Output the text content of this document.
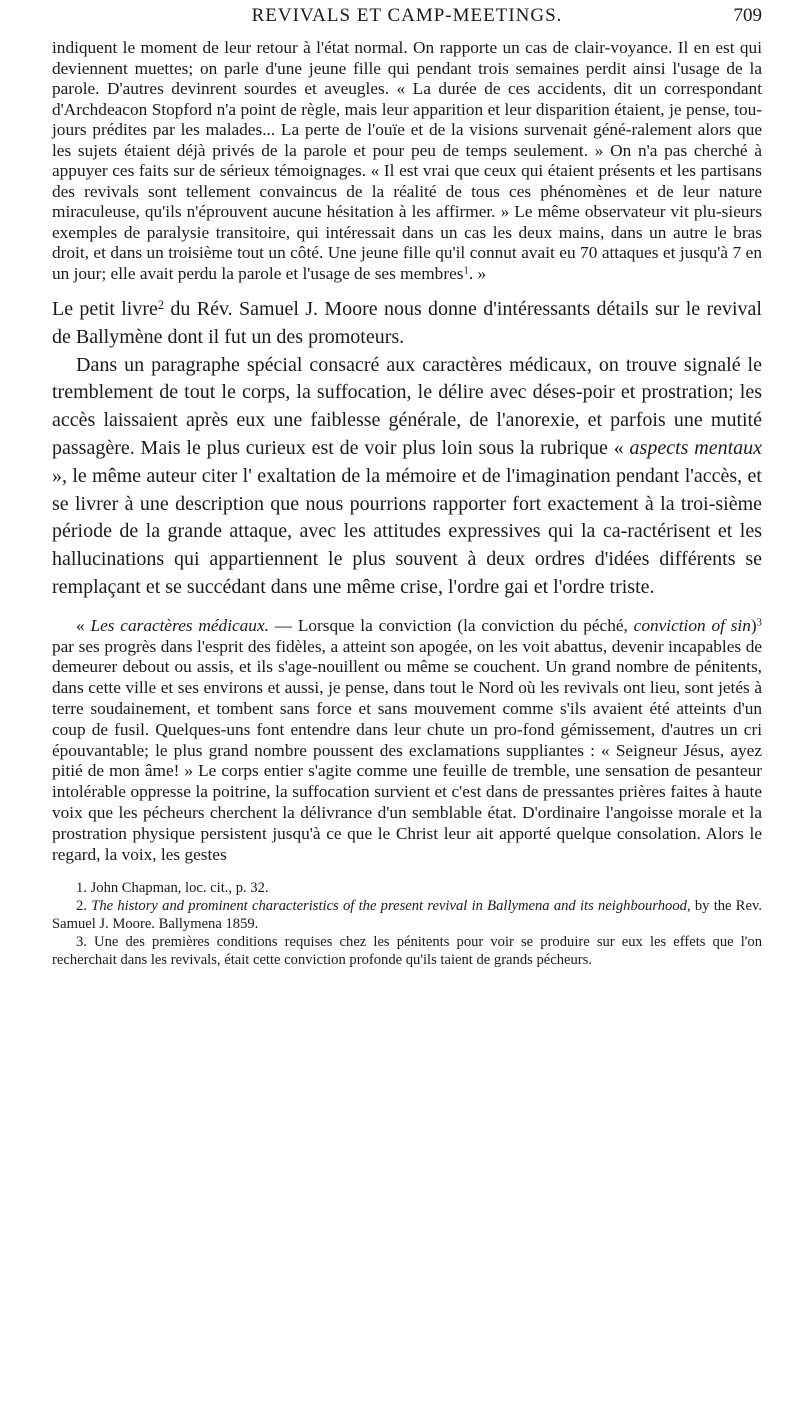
REVIVALS ET CAMP-MEETINGS.	709

indiquent le moment de leur retour à l'état normal. On rapporte un cas de clair-voyance. Il en est qui deviennent muettes; on parle d'une jeune fille qui pendant trois semaines perdit ainsi l'usage de la parole. D'autres devinrent sourdes et aveugles. « La durée de ces accidents, dit un correspondant d'Archdeacon Stopford n'a point de règle, mais leur apparition et leur disparition étaient, je pense, tou-jours prédites par les malades... La perte de l'ouïe et de la visions survenait géné-ralement alors que les sujets étaient déjà privés de la parole et pour peu de temps seulement. » On n'a pas cherché à appuyer ces faits sur de sérieux témoignages. « Il est vrai que ceux qui étaient présents et les partisans des revivals sont tellement convaincus de la réalité de tous ces phénomènes et de leur nature miraculeuse, qu'ils n'éprouvent aucune hésitation à les affirmer. » Le même observateur vit plu-sieurs exemples de paralysie transitoire, qui intéressait dans un cas les deux mains, dans un autre le bras droit, et dans un troisième tout un côté. Une jeune fille qu'il connut avait eu 70 attaques et jusqu'à 7 en un jour; elle avait perdu la parole et l'usage de ses membres$^1$. »

Le petit livre$^2$ du Rév. Samuel J. Moore nous donne d'intéressants détails sur le revival de Ballymène dont il fut un des promoteurs.

Dans un paragraphe spécial consacré aux caractères médicaux, on trouve signalé le tremblement de tout le corps, la suffocation, le délire avec déses-poir et prostration; les accès laissaient après eux une faiblesse générale, de l'anorexie, et parfois une mutité passagère. Mais le plus curieux est de voir plus loin sous la rubrique « aspects mentaux », le même auteur citer l' exaltation de la mémoire et de l'imagination pendant l'accès, et se livrer à une description que nous pourrions rapporter fort exactement à la troi-sième période de la grande attaque, avec les attitudes expressives qui la ca-ractérisent et les hallucinations qui appartiennent le plus souvent à deux ordres d'idées différents se remplaçant et se succédant dans une même crise, l'ordre gai et l'ordre triste.

« Les caractères médicaux. — Lorsque la conviction (la conviction du péché, conviction of sin)$^3$ par ses progrès dans l'esprit des fidèles, a atteint son apogée, on les voit abattus, devenir incapables de demeurer debout ou assis, et ils s'age-nouillent ou même se couchent. Un grand nombre de pénitents, dans cette ville et ses environs et aussi, je pense, dans tout le Nord où les revivals ont lieu, sont jetés à terre soudainement, et tombent sans force et sans mouvement comme s'ils avaient été atteints d'un coup de fusil. Quelques-uns font entendre dans leur chute un pro-fond gémissement, d'autres un cri épouvantable; le plus grand nombre poussent des exclamations suppliantes : « Seigneur Jésus, ayez pitié de mon âme! » Le corps entier s'agite comme une feuille de tremble, une sensation de pesanteur intolérable oppresse la poitrine, la suffocation survient et c'est dans de pressantes prières faites à haute voix que les pécheurs cherchent la délivrance d'un semblable état. D'ordinaire l'angoisse morale et la prostration physique persistent jusqu'à ce que le Christ leur ait apporté quelque consolation. Alors le regard, la voix, les gestes

1. John Chapman, loc. cit., p. 32.

2. The history and prominent characteristics of the present revival in Ballymena and its neighbourhood, by the Rev. Samuel J. Moore. Ballymena 1859.

3. Une des premières conditions requises chez les pénitents pour voir se produire sur eux les effets que l'on recherchait dans les revivals, était cette conviction profonde qu'ils taient de grands pécheurs.
